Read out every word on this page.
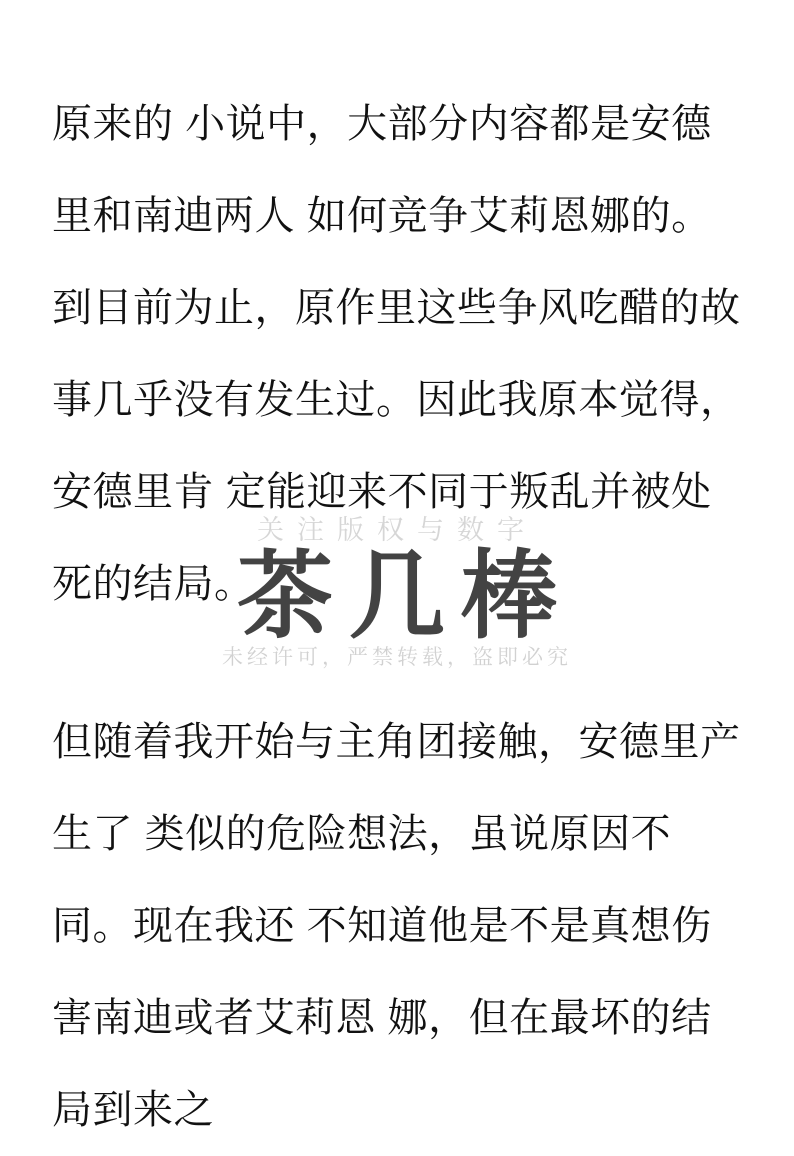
关注版权与数字
茶几棒
未经许可，严禁转载，盗即必究

原来的 小说中，大部分内容都是安德里和南迪两人 如何竞争艾莉恩娜的。 到目前为止，原作里这些争风吃醋的故事几乎没有发生过。因此我原本觉得，安德里肯 定能迎来不同于叛乱并被处死的结局。

但随着我开始与主角团接触，安德里产生了 类似的危险想法，虽说原因不同。现在我还 不知道他是不是真想伤害南迪或者艾莉恩 娜，但在最坏的结局到来之
